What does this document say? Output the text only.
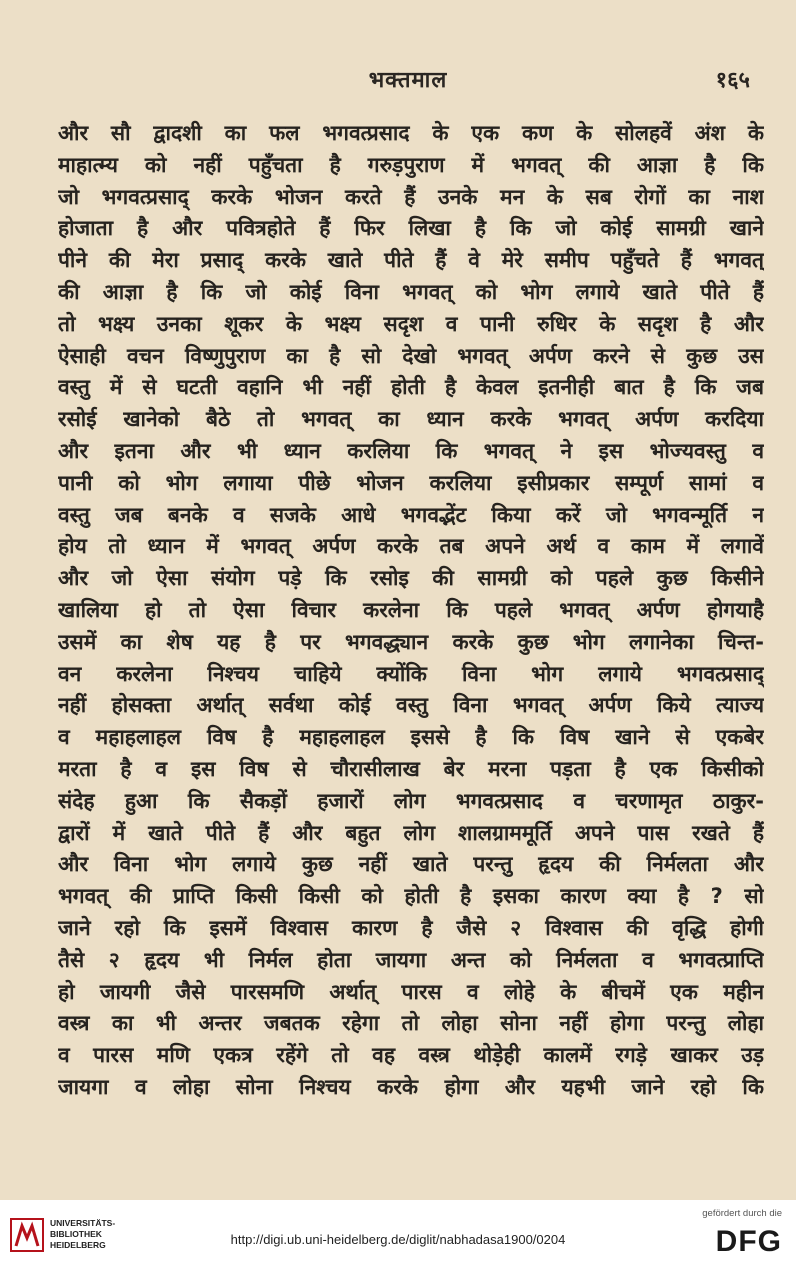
भक्तमाल	१६५
और सौ द्वादशी का फल भगवत्प्रसाद के एक कण के सोलहवें अंश के
माहात्म्य को नहीं पहुँचता है गरुड़पुराण में भगवत् की आज्ञा है कि
जो भगवत्प्रसाद् करके भोजन करते हैं उनके मन के सब रोगों का नाश
होजाता है और पवित्रहोते हैं फिर लिखा है कि जो कोई सामग्री खाने
पीने की मेरा प्रसाद् करके खाते पीते हैं वे मेरे समीप पहुँचते हैं भगवत्
की आज्ञा है कि जो कोई विना भगवत् को भोग लगाये खाते पीते हैं
तो भक्ष्य उनका शूकर के भक्ष्य सदृश व पानी रुधिर के सदृश है और
ऐसाही वचन विष्णुपुराण का है सो देखो भगवत् अर्पण करने से कुछ उस
वस्तु में से घटती वहानि भी नहीं होती है केवल इतनीही बात है कि जब
रसोई खानेको बैठे तो भगवत् का ध्यान करके भगवत् अर्पण करदिया
और इतना और भी ध्यान करलिया कि भगवत् ने इस भोज्यवस्तु व
पानी को भोग लगाया पीछे भोजन करलिया इसीप्रकार सम्पूर्ण सामां व
वस्तु जब बनके व सजके आधे भगवद्भेंट किया करें जो भगवन्मूर्ति न
होय तो ध्यान में भगवत् अर्पण करके तब अपने अर्थ व काम में लगावें
और जो ऐसा संयोग पड़े कि रसोइ की सामग्री को पहले कुछ किसीने
खालिया हो तो ऐसा विचार करलेना कि पहले भगवत् अर्पण होगयाहै
उसमें का शेष यह है पर भगवद्ध्यान करके कुछ भोग लगानेका चिन्त-
वन करलेना निश्चय चाहिये क्योंकि विना भोग लगाये भगवत्प्रसाद्
नहीं होसक्ता अर्थात् सर्वथा कोई वस्तु विना भगवत् अर्पण किये त्याज्य
व महाहलाहल विष है महाहलाहल इससे है कि विष खाने से एकबेर
मरता है व इस विष से चौरासीलाख बेर मरना पड़ता है एक किसीको
संदेह हुआ कि सैकड़ों हजारों लोग भगवत्प्रसाद व चरणामृत ठाकुर-
द्वारों में खाते पीते हैं और बहुत लोग शालग्राममूर्ति अपने पास रखते हैं
और विना भोग लगाये कुछ नहीं खाते परन्तु हृदय की निर्मलता और
भगवत् की प्राप्ति किसी किसी को होती है इसका कारण क्या है ? सो
जाने रहो कि इसमें विश्वास कारण है जैसे २ विश्वास की वृद्धि होगी
तैसे २ हृदय भी निर्मल होता जायगा अन्त को निर्मलता व भगवत्प्राप्ति
हो जायगी जैसे पारसमणि अर्थात् पारस व लोहे के बीचमें एक महीन
वस्त्र का भी अन्तर जबतक रहेगा तो लोहा सोना नहीं होगा परन्तु लोहा
व पारस मणि एकत्र रहेंगे तो वह वस्त्र थोड़ेही कालमें रगड़े खाकर उड़
जायगा व लोहा सोना निश्चय करके होगा और यहभी जाने रहो कि
UNIVERSITÄTS-
BIBLIOTHEK
HEIDELBERG	http://digi.ub.uni-heidelberg.de/diglit/nabhadasa1900/0204
gefördert durch die
DFG
